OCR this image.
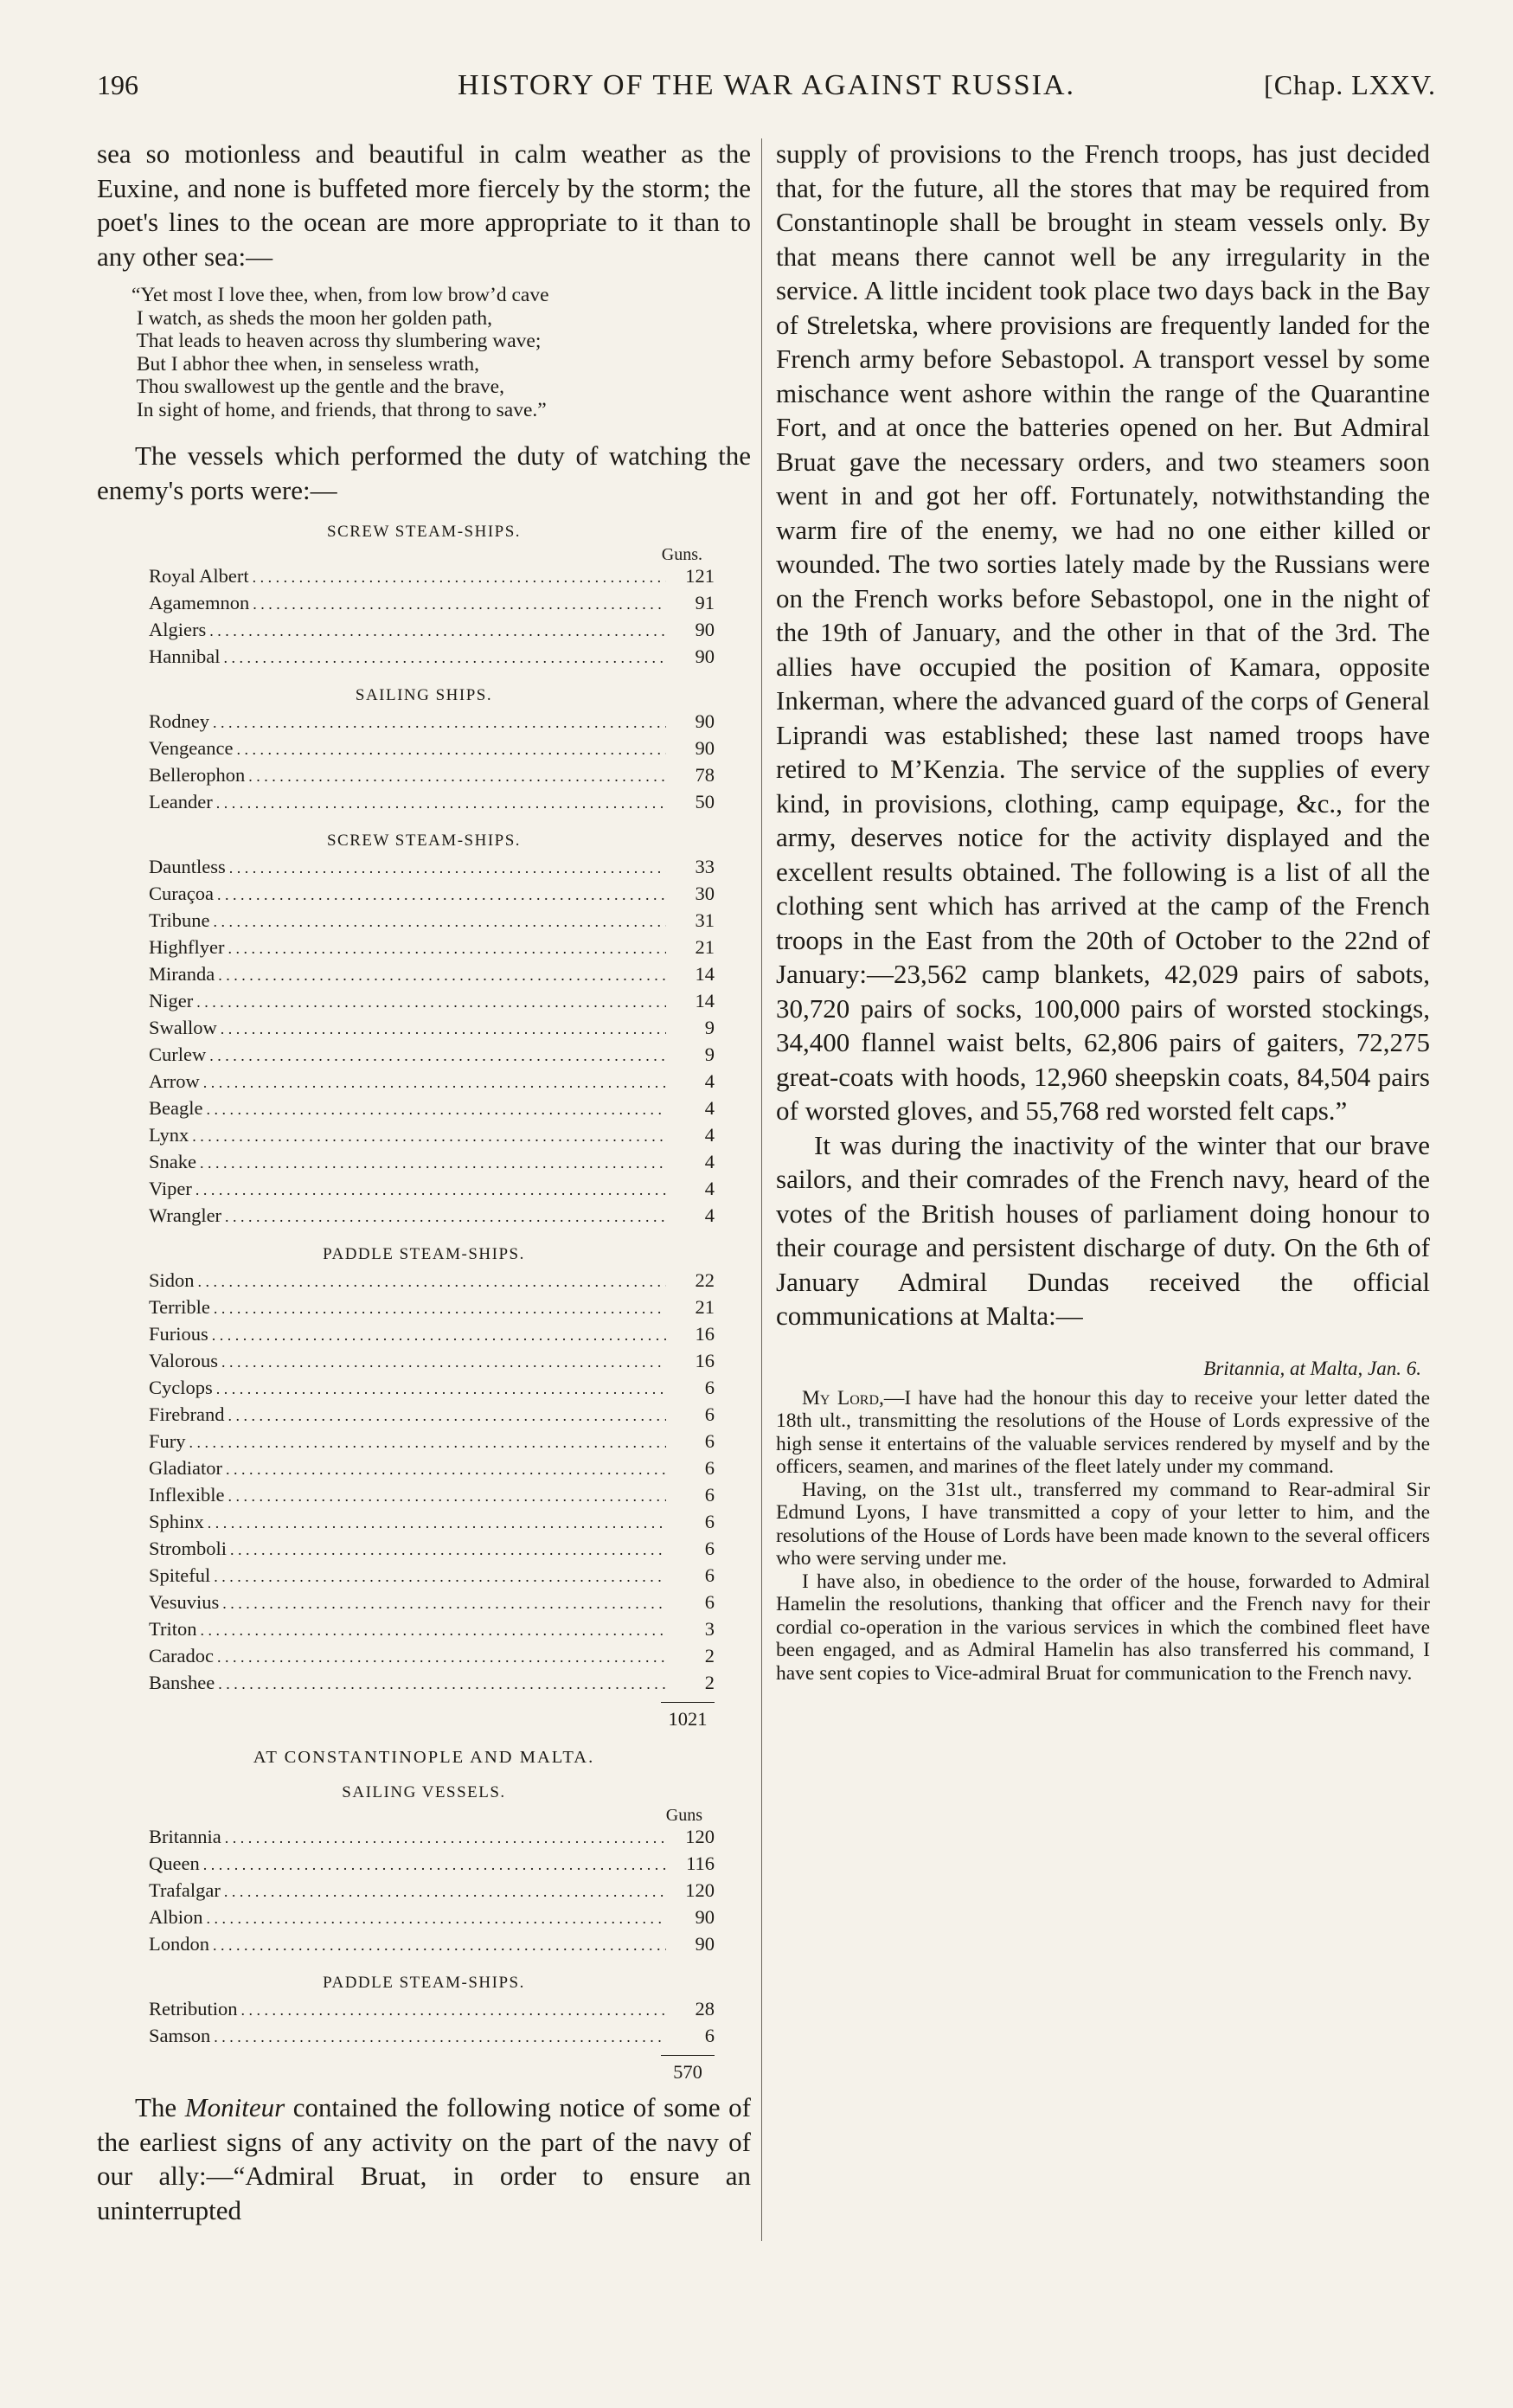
196	HISTORY OF THE WAR AGAINST RUSSIA.	[Chap. LXXV.

sea so motionless and beautiful in calm weather as the Euxine, and none is buffeted more fiercely by the storm; the poet's lines to the ocean are more appropriate to it than to any other sea:—

“Yet most I love thee, when, from low brow’d cave
I watch, as sheds the moon her golden path,
That leads to heaven across thy slumbering wave;
But I abhor thee when, in senseless wrath,
Thou swallowest up the gentle and the brave,
In sight of home, and friends, that throng to save.”

The vessels which performed the duty of watching the enemy's ports were:—

SCREW STEAM-SHIPS.
Guns.
Royal Albert . . .	121
Agamemnon . . .	91
Algiers . . .	90
Hannibal . . .	90
SAILING SHIPS.
Rodney . . .	90
Vengeance . . .	90
Bellerophon . . .	78
Leander . . .	50
SCREW STEAM-SHIPS.
Dauntless . . .	33
Curaçoa . . .	30
Tribune . . .	31
Highflyer . . .	21
Miranda . . .	14
Niger . . .	14
Swallow . . .	9
Curlew . . .	9
Arrow . . .	4
Beagle . . .	4
Lynx . . .	4
Snake . . .	4
Viper . . .	4
Wrangler . . .	4
PADDLE STEAM-SHIPS.
Sidon . . .	22
Terrible . . .	21
Furious . . .	16
Valorous . . .	16
Cyclops . . .	6
Firebrand . . .	6
Fury . . .	6
Gladiator . . .	6
Inflexible . . .	6
Sphinx . . .	6
Stromboli . . .	6
Spiteful . . .	6
Vesuvius . . .	6
Triton . . .	3
Caradoc . . .	2
Banshee . . .	2
1021
AT CONSTANTINOPLE AND MALTA.
SAILING VESSELS.
Guns
Britannia . . .	120
Queen . . .	116
Trafalgar . . .	120
Albion . . .	90
London . . .	90
PADDLE STEAM-SHIPS.
Retribution . . .	28
Samson . . .	6
570

The Moniteur contained the following notice of some of the earliest signs of any activity on the part of the navy of our ally:—“Admiral Bruat, in order to ensure an uninterrupted

supply of provisions to the French troops, has just decided that, for the future, all the stores that may be required from Constantinople shall be brought in steam vessels only. By that means there cannot well be any irregularity in the service. A little incident took place two days back in the Bay of Streletska, where provisions are frequently landed for the French army before Sebastopol. A transport vessel by some mischance went ashore within the range of the Quarantine Fort, and at once the batteries opened on her. But Admiral Bruat gave the necessary orders, and two steamers soon went in and got her off. Fortunately, notwithstanding the warm fire of the enemy, we had no one either killed or wounded. The two sorties lately made by the Russians were on the French works before Sebastopol, one in the night of the 19th of January, and the other in that of the 3rd. The allies have occupied the position of Kamara, opposite Inkerman, where the advanced guard of the corps of General Liprandi was established; these last named troops have retired to M’Kenzia. The service of the supplies of every kind, in provisions, clothing, camp equipage, &c., for the army, deserves notice for the activity displayed and the excellent results obtained. The following is a list of all the clothing sent which has arrived at the camp of the French troops in the East from the 20th of October to the 22nd of January:—23,562 camp blankets, 42,029 pairs of sabots, 30,720 pairs of socks, 100,000 pairs of worsted stockings, 34,400 flannel waist belts, 62,806 pairs of gaiters, 72,275 great-coats with hoods, 12,960 sheepskin coats, 84,504 pairs of worsted gloves, and 55,768 red worsted felt caps.”

It was during the inactivity of the winter that our brave sailors, and their comrades of the French navy, heard of the votes of the British houses of parliament doing honour to their courage and persistent discharge of duty. On the 6th of January Admiral Dundas received the official communications at Malta:—

Britannia, at Malta, Jan. 6.

My Lord,—I have had the honour this day to receive your letter dated the 18th ult., transmitting the resolutions of the House of Lords expressive of the high sense it entertains of the valuable services rendered by myself and by the officers, seamen, and marines of the fleet lately under my command.

Having, on the 31st ult., transferred my command to Rear-admiral Sir Edmund Lyons, I have transmitted a copy of your letter to him, and the resolutions of the House of Lords have been made known to the several officers who were serving under me.

I have also, in obedience to the order of the house, forwarded to Admiral Hamelin the resolutions, thanking that officer and the French navy for their cordial co-operation in the various services in which the combined fleet have been engaged, and as Admiral Hamelin has also transferred his command, I have sent copies to Vice-admiral Bruat for communication to the French navy.
